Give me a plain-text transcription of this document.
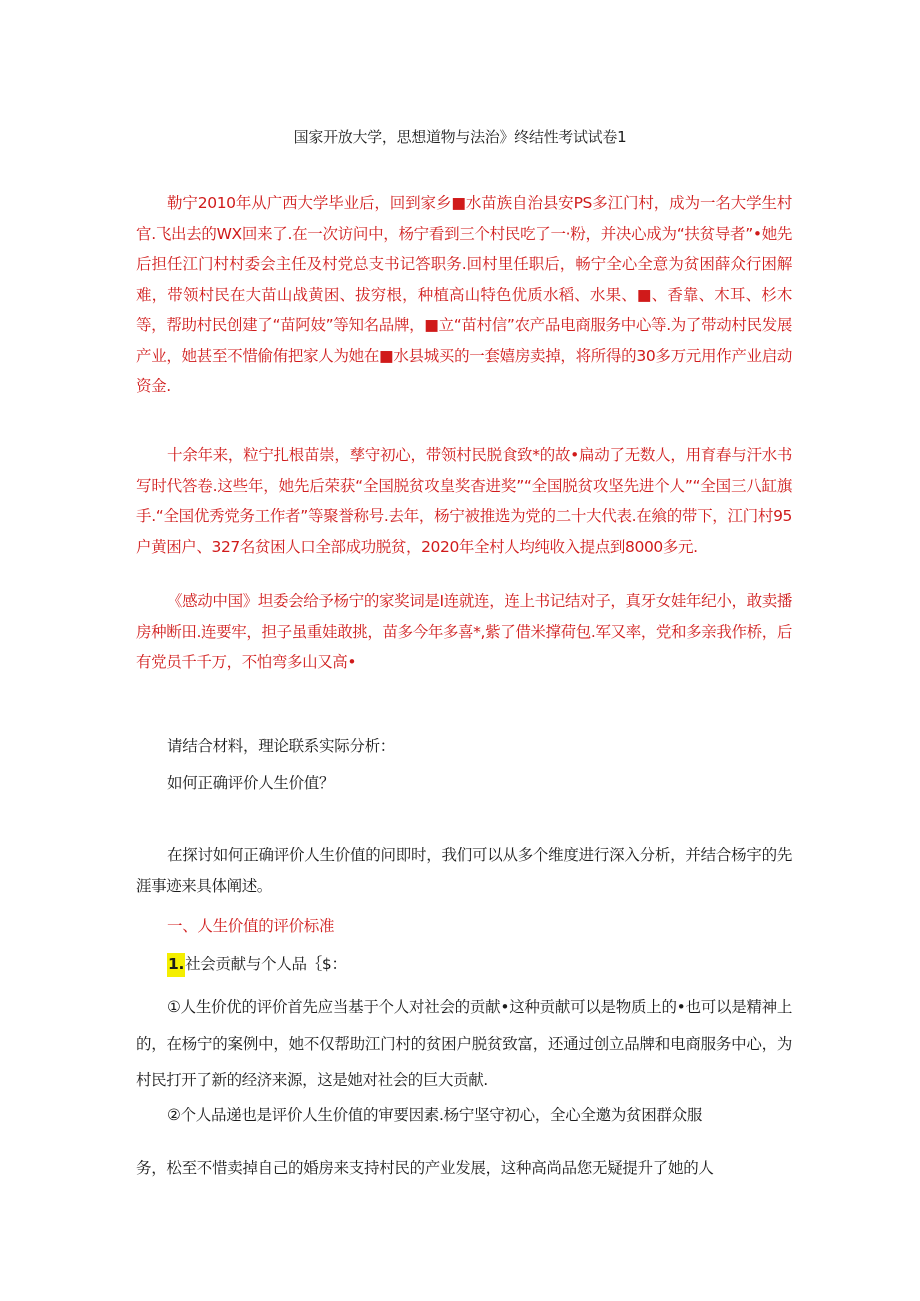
国家开放大学，思想道物与法治》终结性考试试卷1

勒宁2010年从广西大学毕业后，回到家乡■水苗族自治县安PS多江门村，成为一名大学生村官.飞出去的WX回来了.在一次访问中，杨宁看到三个村民吃了一·粉，并决心成为“扶贫导者”•她先后担任江门村村委会主任及村党总支书记答职务.回村里任职后，畅宁全心全意为贫困薛众行困解难，带领村民在大苗山战黄困、拔穷根，种植高山特色优质水稻、水果、■、香靠、木耳、杉木等，帮助村民创建了“苗阿妓”等知名品牌，■立“苗村信”农产品电商服务中心等.为了带动村民发展产业，她甚至不惜偷侑把家人为她在■水县城买的一套嬉房卖掉，将所得的30多万元用作产业启动资金.

十余年来，粒宁扎根苗崇，孳守初心，带领村民脱食致*的故•扁动了无数人，用育春与汗水书写时代答卷.这些年，她先后荣获“全国脱贫攻皇奖杳进奖”“全国脱贫攻坚先进个人”“全国三八缸旗手.“全国优秀党务工作者”等聚誉称号.去年，杨宁被推选为党的二十大代表.在飨的带下，江门村95户黄困户、327名贫困人口全部成功脱贫，2020年全村人均纯收入提点到8000多元.

《感动中国》坦委会给予杨宁的家奖词是I连就连，连上书记结对子，真牙女娃年纪小，敢卖播房种断田.连要牢，担子虽重娃敢挑，苗多今年多喜*,紫了借米撑荷包.军又率，党和多亲我作桥，后有党员千千万，不怕弯多山又高•

请结合材料，理论联系实际分析：
如何正确评价人生价值？

在探讨如何正确评价人生价值的问即时，我们可以从多个维度进行深入分析，并结合杨宇的先涯事迹来具体阐述。

一、人生价值的评价标准
1.社会贡献与个人品｛$：

①人生价优的评价首先应当基于个人对社会的贡献•这种贡献可以是物质上的•也可以是精神上的，在杨宁的案例中，她不仅帮助江门村的贫困户脱贫致富，还通过创立品牌和电商服务中心，为村民打开了新的经济来源，这是她对社会的巨大贡献.

②个人品递也是评价人生价值的审要因素.杨宁坚守初心，全心全邀为贫困群众服
务，松至不惜卖掉自己的婚房来支持村民的产业发展，这种高尚品您无疑提升了她的人
